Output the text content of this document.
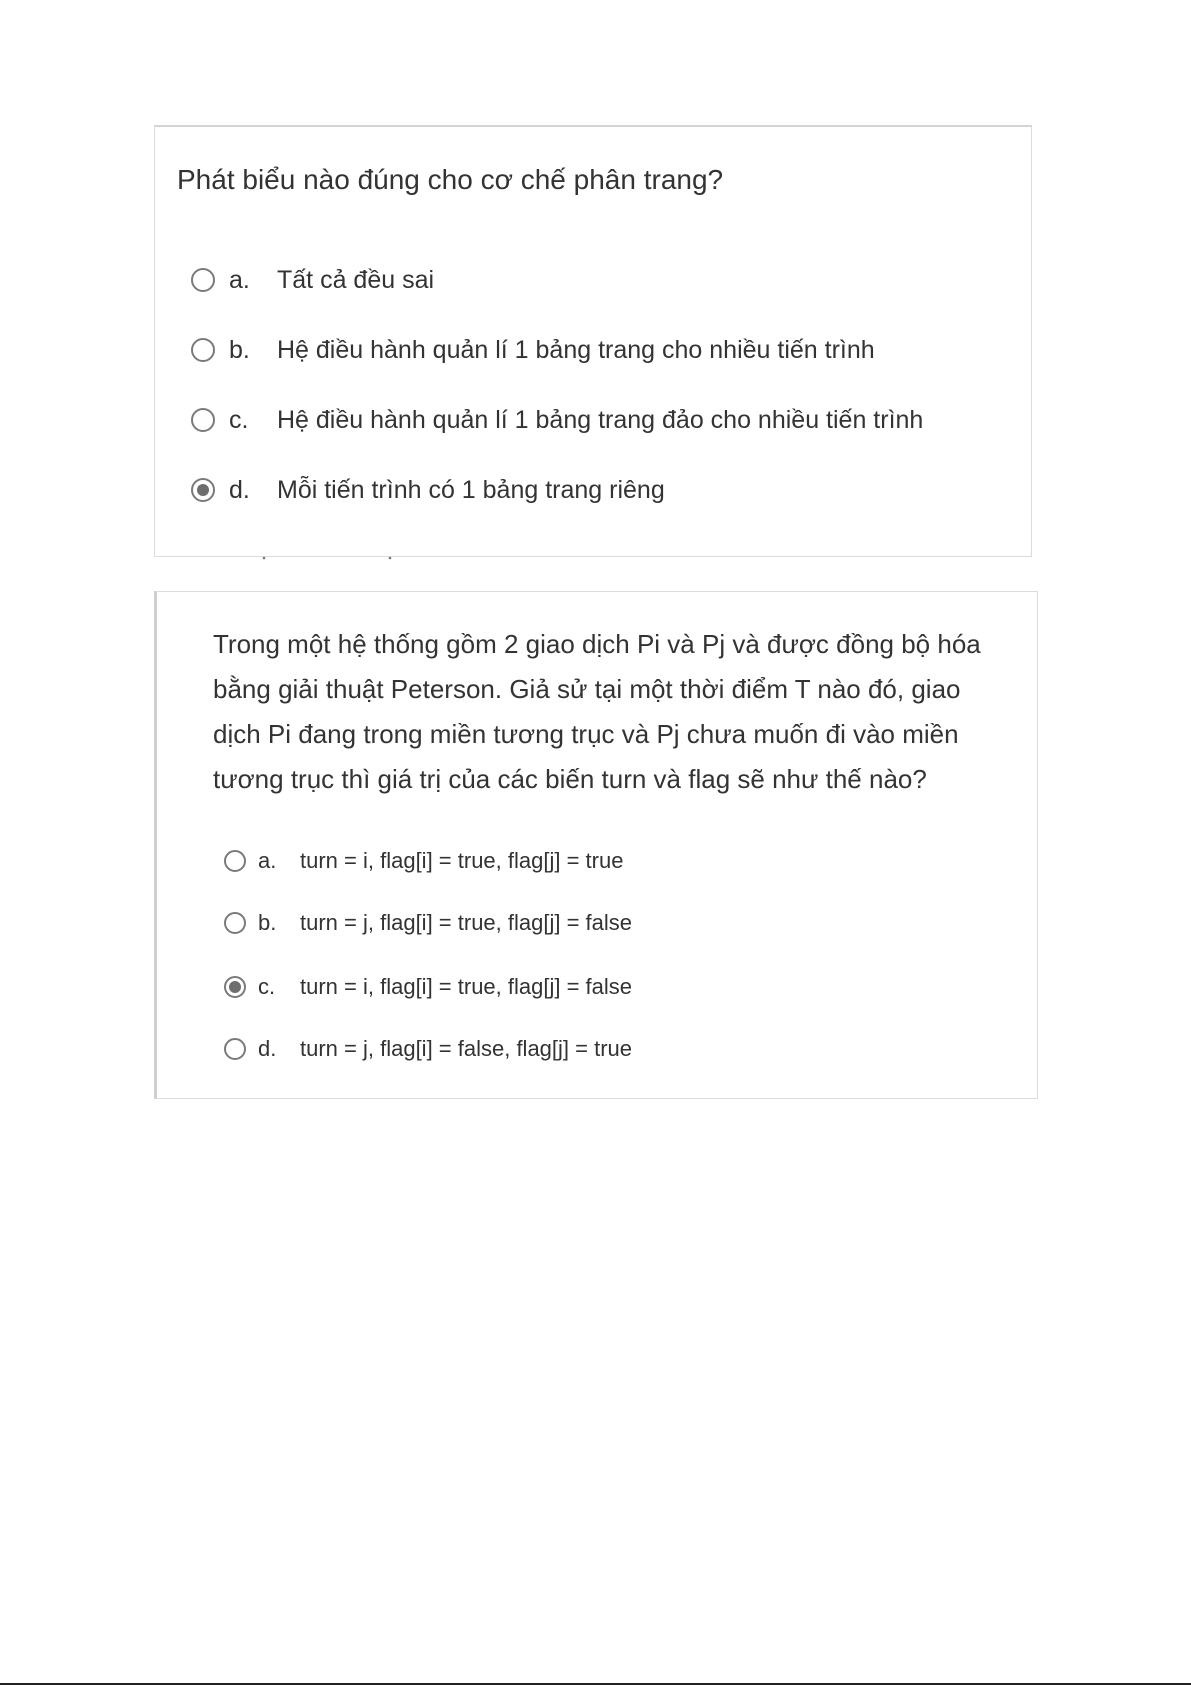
Phát biểu nào đúng cho cơ chế phân trang?
a.	Tất cả đều sai
b.	Hệ điều hành quản lí 1 bảng trang cho nhiều tiến trình
c.	Hệ điều hành quản lí 1 bảng trang đảo cho nhiều tiến trình
d.	Mỗi tiến trình có 1 bảng trang riêng
Trong một hệ thống gồm 2 giao dịch Pi và Pj và được đồng bộ hóa bằng giải thuật Peterson. Giả sử tại một thời điểm T nào đó, giao dịch Pi đang trong miền tương trục và Pj chưa muốn đi vào miền tương trục thì giá trị của các biến turn và flag sẽ như thế nào?
a.	turn = i, flag[i] = true, flag[j] = true
b.	turn = j, flag[i] = true, flag[j] = false
c.	turn = i, flag[i] = true, flag[j] = false
d.	turn = j, flag[i] = false, flag[j] = true
